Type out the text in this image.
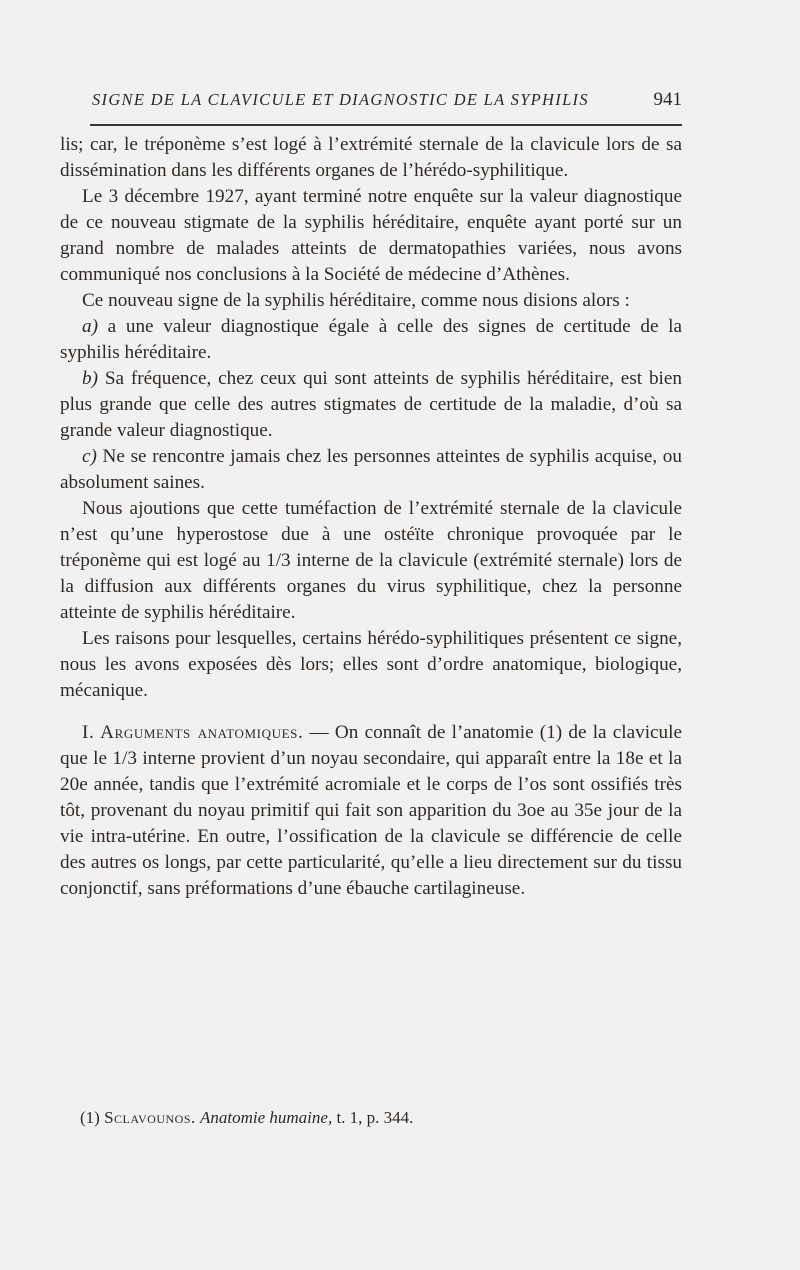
SIGNE DE LA CLAVICULE ET DIAGNOSTIC DE LA SYPHILIS	941

lis; car, le tréponème s’est logé à l’extrémité sternale de la clavicule lors de sa dissémination dans les différents organes de l’hérédo-syphilitique.

Le 3 décembre 1927, ayant terminé notre enquête sur la valeur diagnostique de ce nouveau stigmate de la syphilis héréditaire, enquête ayant porté sur un grand nombre de malades atteints de dermatopathies variées, nous avons communiqué nos conclusions à la Société de médecine d’Athènes.

Ce nouveau signe de la syphilis héréditaire, comme nous disions alors :

a) a une valeur diagnostique égale à celle des signes de certitude de la syphilis héréditaire.

b) Sa fréquence, chez ceux qui sont atteints de syphilis héréditaire, est bien plus grande que celle des autres stigmates de certitude de la maladie, d’où sa grande valeur diagnostique.

c) Ne se rencontre jamais chez les personnes atteintes de syphilis acquise, ou absolument saines.

Nous ajoutions que cette tuméfaction de l’extrémité sternale de la clavicule n’est qu’une hyperostose due à une ostéïte chronique provoquée par le tréponème qui est logé au 1/3 interne de la clavicule (extrémité sternale) lors de la diffusion aux différents organes du virus syphilitique, chez la personne atteinte de syphilis héréditaire.

Les raisons pour lesquelles, certains hérédo-syphilitiques présentent ce signe, nous les avons exposées dès lors; elles sont d’ordre anatomique, biologique, mécanique.

I. Arguments anatomiques. — On connaît de l’anatomie (1) de la clavicule que le 1/3 interne provient d’un noyau secondaire, qui apparaît entre la 18e et la 20e année, tandis que l’extrémité acromiale et le corps de l’os sont ossifiés très tôt, provenant du noyau primitif qui fait son apparition du 3oe au 35e jour de la vie intra-utérine. En outre, l’ossification de la clavicule se différencie de celle des autres os longs, par cette particularité, qu’elle a lieu directement sur du tissu conjonctif, sans préformations d’une ébauche cartilagineuse.

(1) Sclavounos. Anatomie humaine, t. 1, p. 344.
